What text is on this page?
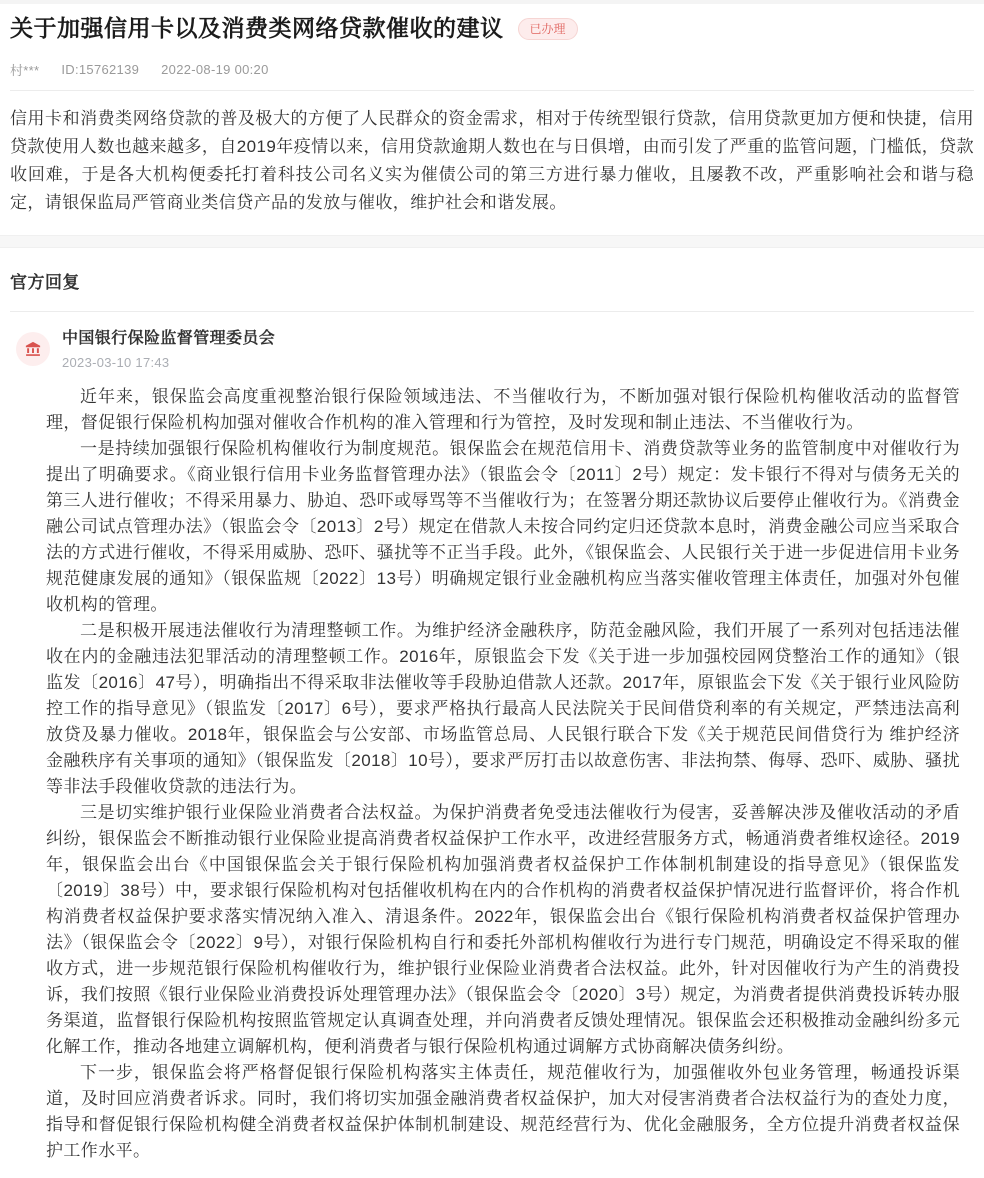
关于加强信用卡以及消费类网络贷款催收的建议	已办理
村*** ID:15762139 2022-08-19 00:20
信用卡和消费类网络贷款的普及极大的方便了人民群众的资金需求，相对于传统型银行贷款，信用贷款更加方便和快捷，信用贷款使用人数也越来越多，自2019年疫情以来，信用贷款逾期人数也在与日俱增，由而引发了严重的监管问题，门槛低，贷款收回难，于是各大机构便委托打着科技公司名义实为催债公司的第三方进行暴力催收，且屡教不改，严重影响社会和谐与稳定，请银保监局严管商业类信贷产品的发放与催收，维护社会和谐发展。
官方回复
中国银行保险监督管理委员会
2023-03-10 17:43

近年来，银保监会高度重视整治银行保险领域违法、不当催收行为，不断加强对银行保险机构催收活动的监督管理，督促银行保险机构加强对催收合作机构的准入管理和行为管控，及时发现和制止违法、不当催收行为。

一是持续加强银行保险机构催收行为制度规范。银保监会在规范信用卡、消费贷款等业务的监管制度中对催收行为提出了明确要求。《商业银行信用卡业务监督管理办法》（银监会令〔2011〕2号）规定：发卡银行不得对与债务无关的第三人进行催收；不得采用暴力、胁迫、恐吓或辱骂等不当催收行为；在签署分期还款协议后要停止催收行为。《消费金融公司试点管理办法》（银监会令〔2013〕2号）规定在借款人未按合同约定归还贷款本息时，消费金融公司应当采取合法的方式进行催收，不得采用威胁、恐吓、骚扰等不正当手段。此外，《银保监会、人民银行关于进一步促进信用卡业务规范健康发展的通知》（银保监规〔2022〕13号）明确规定银行业金融机构应当落实催收管理主体责任，加强对外包催收机构的管理。

二是积极开展违法催收行为清理整顿工作。为维护经济金融秩序，防范金融风险，我们开展了一系列对包括违法催收在内的金融违法犯罪活动的清理整顿工作。2016年，原银监会下发《关于进一步加强校园网贷整治工作的通知》（银监发〔2016〕47号），明确指出不得采取非法催收等手段胁迫借款人还款。2017年，原银监会下发《关于银行业风险防控工作的指导意见》（银监发〔2017〕6号），要求严格执行最高人民法院关于民间借贷利率的有关规定，严禁违法高利放贷及暴力催收。2018年，银保监会与公安部、市场监管总局、人民银行联合下发《关于规范民间借贷行为 维护经济金融秩序有关事项的通知》（银保监发〔2018〕10号），要求严厉打击以故意伤害、非法拘禁、侮辱、恐吓、威胁、骚扰等非法手段催收贷款的违法行为。

三是切实维护银行业保险业消费者合法权益。为保护消费者免受违法催收行为侵害，妥善解决涉及催收活动的矛盾纠纷，银保监会不断推动银行业保险业提高消费者权益保护工作水平，改进经营服务方式，畅通消费者维权途径。2019年，银保监会出台《中国银保监会关于银行保险机构加强消费者权益保护工作体制机制建设的指导意见》（银保监发〔2019〕38号）中，要求银行保险机构对包括催收机构在内的合作机构的消费者权益保护情况进行监督评价，将合作机构消费者权益保护要求落实情况纳入准入、清退条件。2022年，银保监会出台《银行保险机构消费者权益保护管理办法》（银保监会令〔2022〕9号），对银行保险机构自行和委托外部机构催收行为进行专门规范，明确设定不得采取的催收方式，进一步规范银行保险机构催收行为，维护银行业保险业消费者合法权益。此外，针对因催收行为产生的消费投诉，我们按照《银行业保险业消费投诉处理管理办法》（银保监会令〔2020〕3号）规定，为消费者提供消费投诉转办服务渠道，监督银行保险机构按照监管规定认真调查处理，并向消费者反馈处理情况。银保监会还积极推动金融纠纷多元化解工作，推动各地建立调解机构，便利消费者与银行保险机构通过调解方式协商解决债务纠纷。

下一步，银保监会将严格督促银行保险机构落实主体责任，规范催收行为，加强催收外包业务管理，畅通投诉渠道，及时回应消费者诉求。同时，我们将切实加强金融消费者权益保护，加大对侵害消费者合法权益行为的查处力度，指导和督促银行保险机构健全消费者权益保护体制机制建设、规范经营行为、优化金融服务，全方位提升消费者权益保护工作水平。
